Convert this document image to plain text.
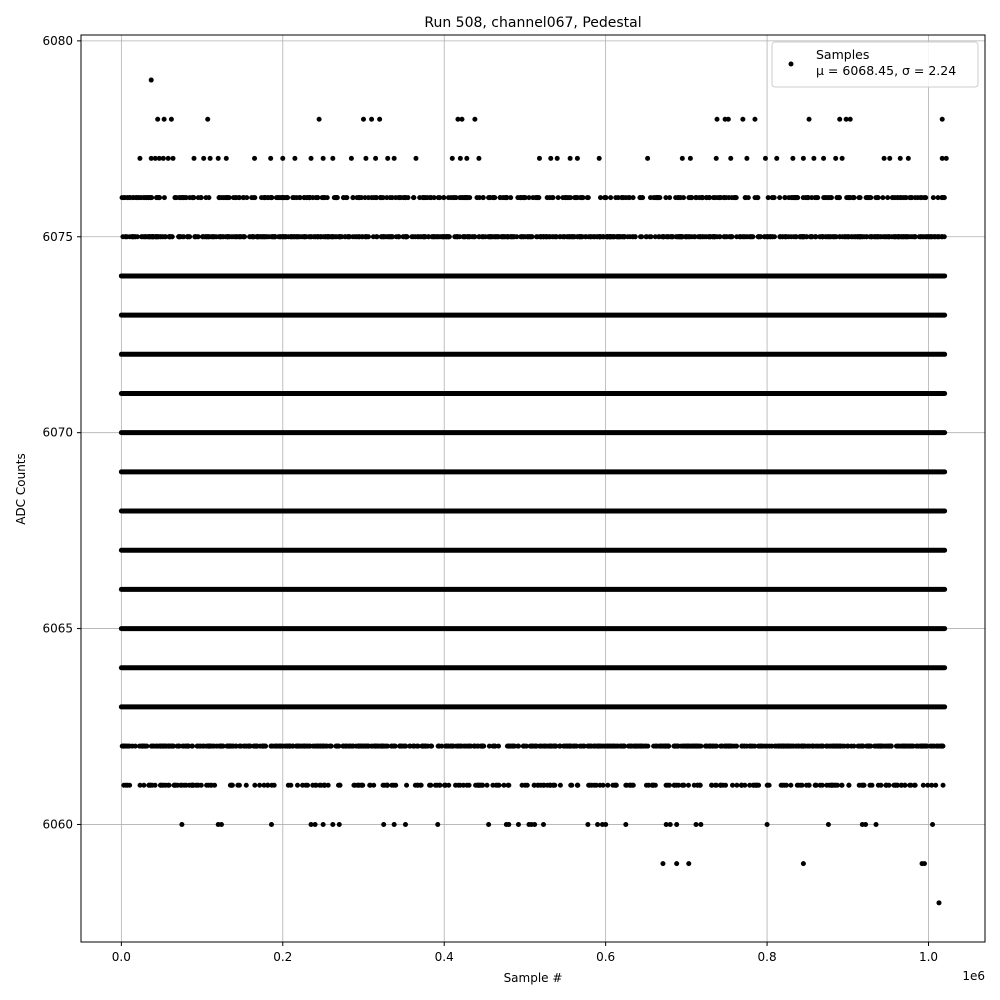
0.0	0.2	0.4	0.6	0.8	1.0
6060
6065
6070
6075
6080
Run 508, channel067, Pedestal
Sample #
ADC Counts
1e6
Samples
μ = 6068.45, σ = 2.24
